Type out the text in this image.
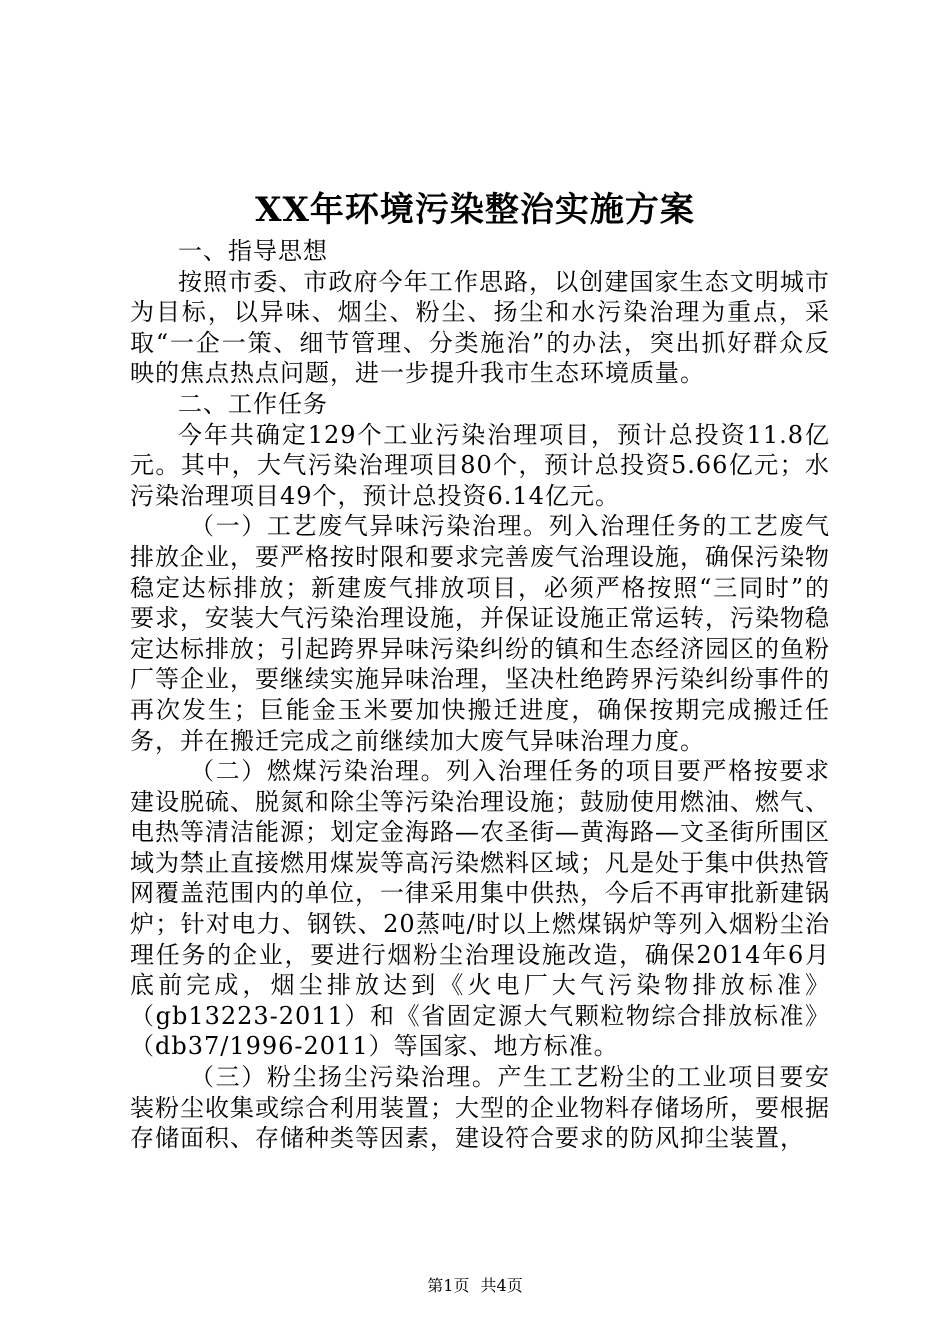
XX年环境污染整治实施方案

一、指导思想

按照市委、市政府今年工作思路，以创建国家生态文明城市为目标，以异味、烟尘、粉尘、扬尘和水污染治理为重点，采取“一企一策、细节管理、分类施治”的办法，突出抓好群众反映的焦点热点问题，进一步提升我市生态环境质量。

二、工作任务

今年共确定129个工业污染治理项目，预计总投资11.8亿元。其中，大气污染治理项目80个，预计总投资5.66亿元；水污染治理项目49个，预计总投资6.14亿元。

（一）工艺废气异味污染治理。列入治理任务的工艺废气排放企业，要严格按时限和要求完善废气治理设施，确保污染物稳定达标排放；新建废气排放项目，必须严格按照“三同时”的要求，安装大气污染治理设施，并保证设施正常运转，污染物稳定达标排放；引起跨界异味污染纠纷的镇和生态经济园区的鱼粉厂等企业，要继续实施异味治理，坚决杜绝跨界污染纠纷事件的再次发生；巨能金玉米要加快搬迁进度，确保按期完成搬迁任务，并在搬迁完成之前继续加大废气异味治理力度。

（二）燃煤污染治理。列入治理任务的项目要严格按要求建设脱硫、脱氮和除尘等污染治理设施；鼓励使用燃油、燃气、电热等清洁能源；划定金海路—农圣街—黄海路—文圣街所围区域为禁止直接燃用煤炭等高污染燃料区域；凡是处于集中供热管网覆盖范围内的单位，一律采用集中供热，今后不再审批新建锅炉；针对电力、钢铁、20蒸吨/时以上燃煤锅炉等列入烟粉尘治理任务的企业，要进行烟粉尘治理设施改造，确保2014年6月底前完成，烟尘排放达到《火电厂大气污染物排放标准》（gb13223-2011）和《省固定源大气颗粒物综合排放标准》（db37/1996-2011）等国家、地方标准。

（三）粉尘扬尘污染治理。产生工艺粉尘的工业项目要安装粉尘收集或综合利用装置；大型的企业物料存储场所，要根据存储面积、存储种类等因素，建设符合要求的防风抑尘装置，

第1页 共4页
